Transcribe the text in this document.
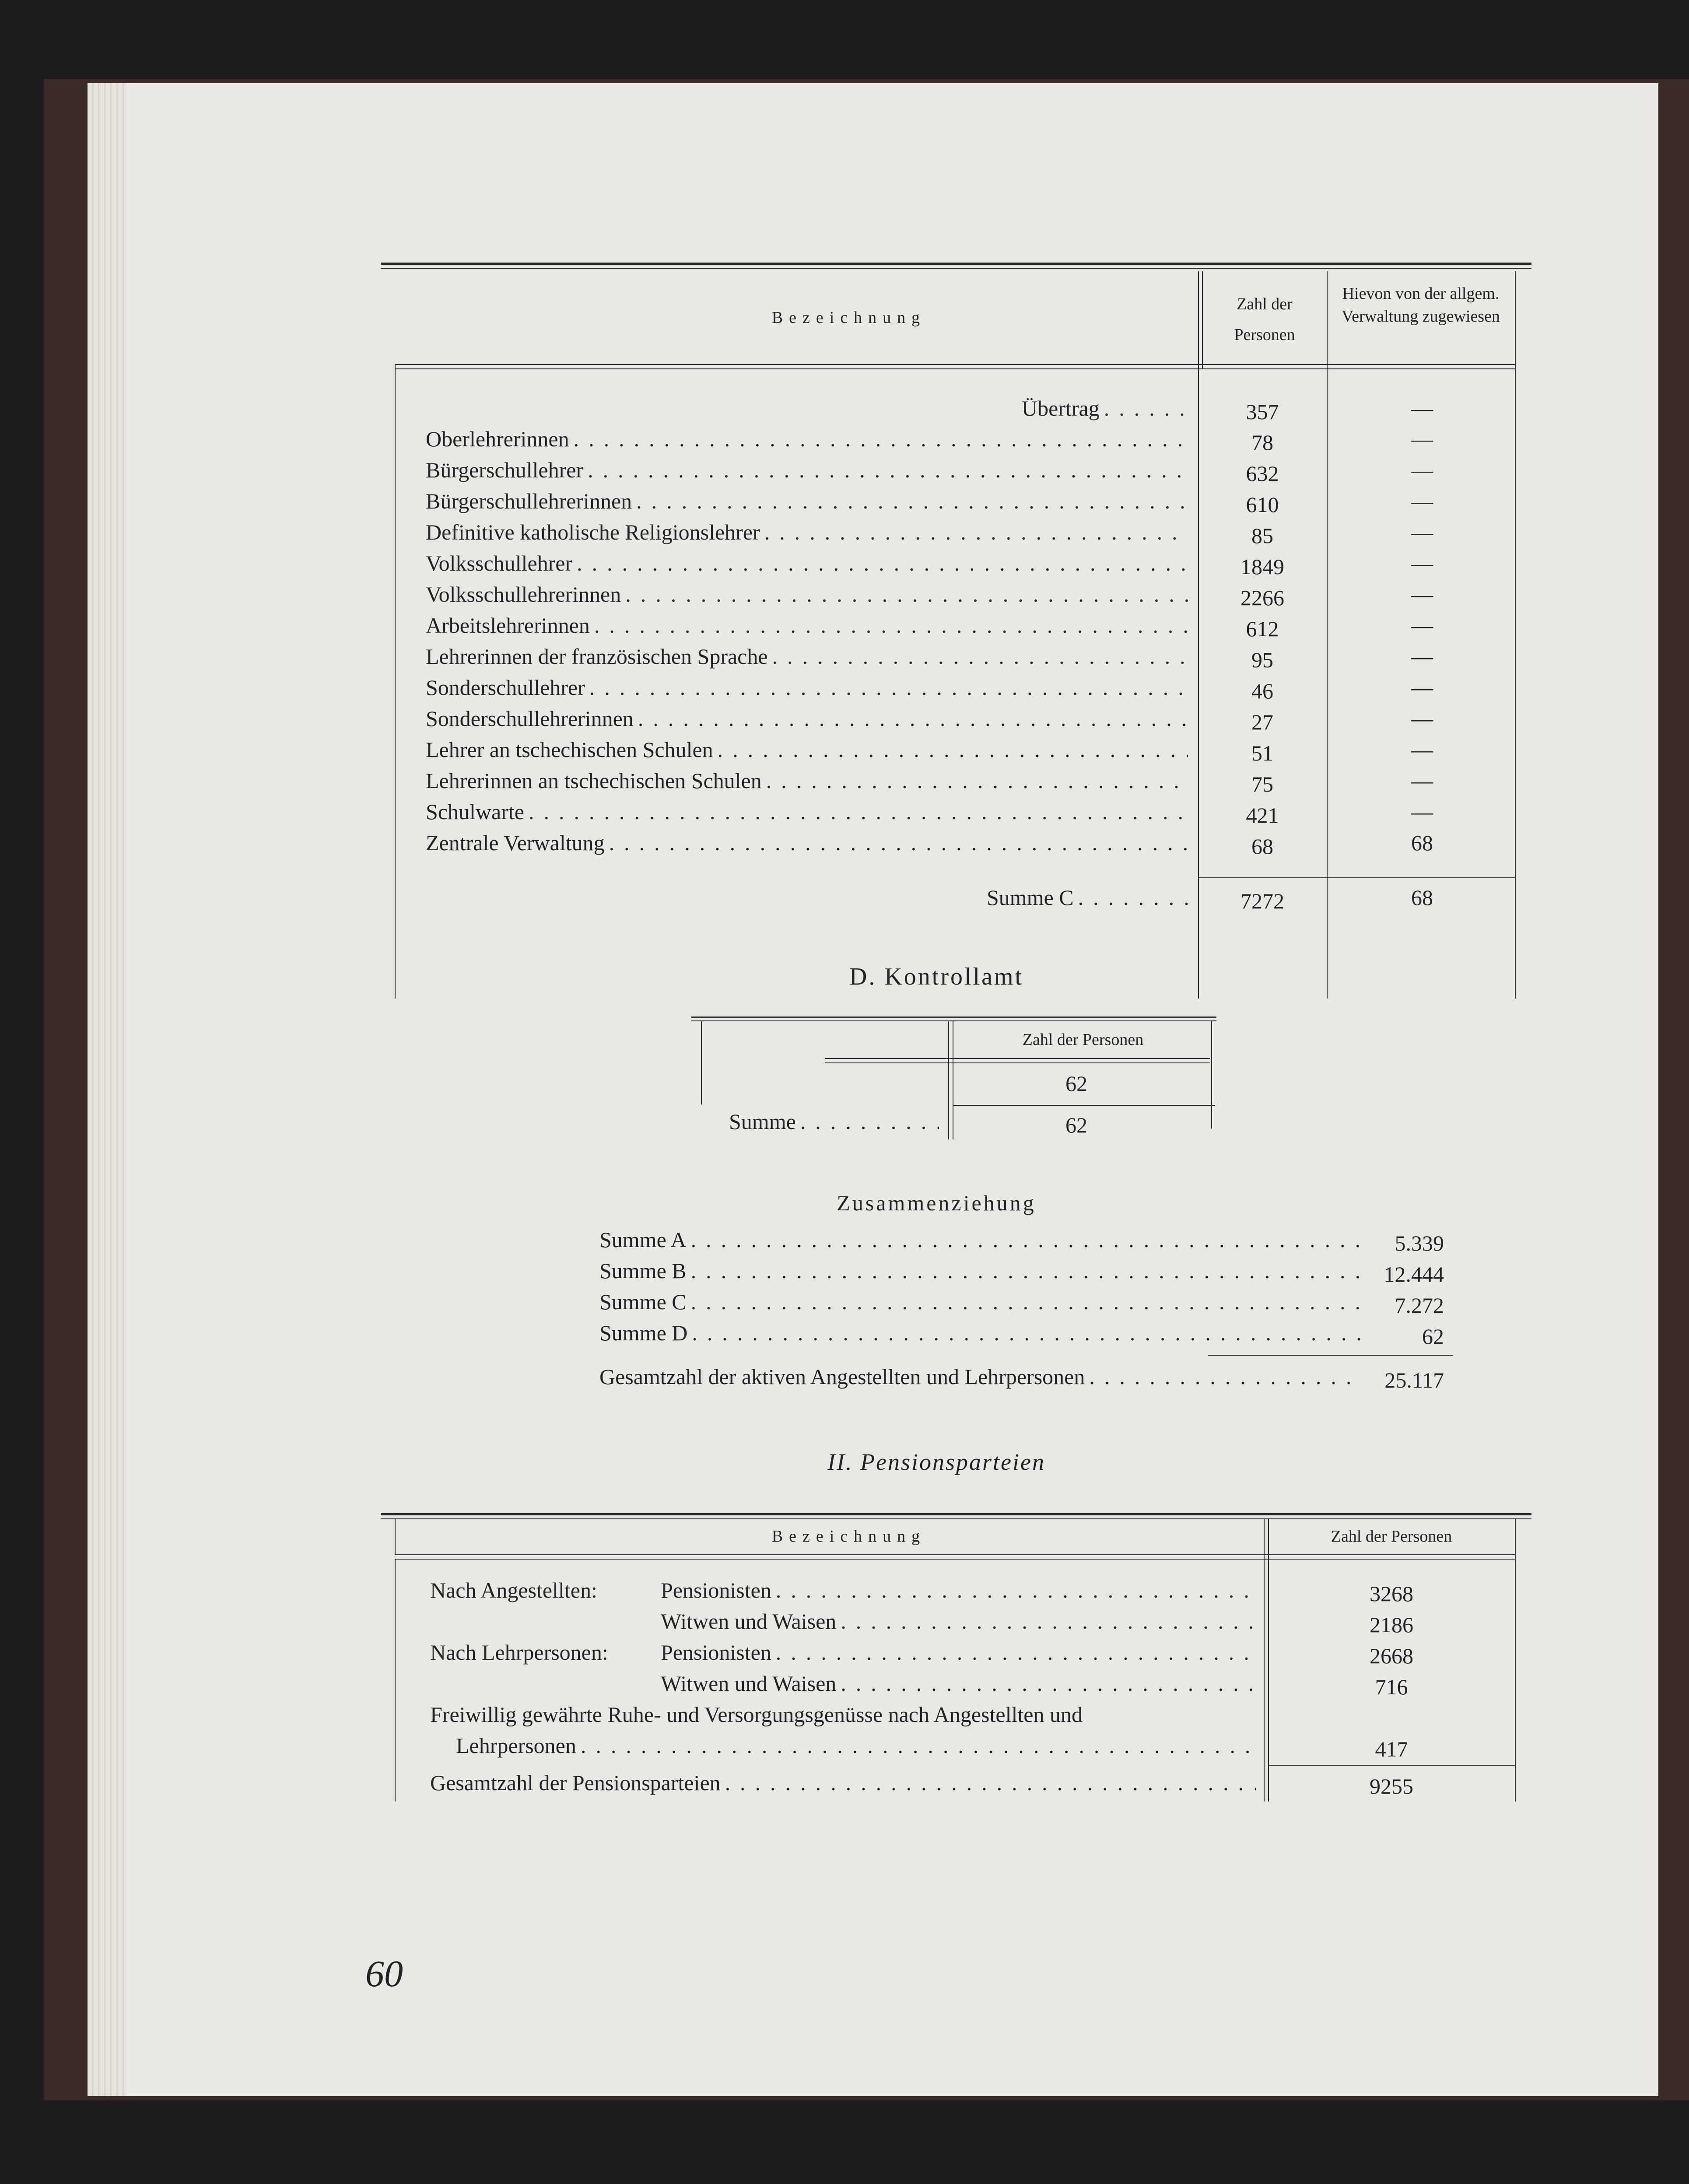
Bezeichnung
Zahl der Personen
Hievon von der allgem. Verwaltung zugewiesen
Übertrag .....	357	—
Oberlehrerinnen .....	78	—
Bürgerschullehrer .....	632	—
Bürgerschullehrerinnen .....	610	—
Definitive katholische Religionslehrer .....	85	—
Volksschullehrer .....	1849	—
Volksschullehrerinnen .....	2266	—
Arbeitslehrerinnen .....	612	—
Lehrerinnen der französischen Sprache .....	95	—
Sonderschullehrer .....	46	—
Sonderschullehrerinnen .....	27	—
Lehrer an tschechischen Schulen .....	51	—
Lehrerinnen an tschechischen Schulen .....	75	—
Schulwarte .....	421	—
Zentrale Verwaltung .....	68	68
Summe C .....	7272	68
D. Kontrollamt
Zahl der Personen
62
Summe .....	62
Zusammenziehung
Summe A .....	5.339
Summe B .....	12.444
Summe C .....	7.272
Summe D .....	62
Gesamtzahl der aktiven Angestellten und Lehrpersonen .....	25.117
II. Pensionsparteien
Bezeichnung	Zahl der Personen
Nach Angestellten:	Pensionisten .....	3268
Witwen und Waisen .....	2186
Nach Lehrpersonen: Pensionisten .....	2668
Witwen und Waisen .....	716
Freiwillig gewährte Ruhe- und Versorgungsgenüsse nach Angestellten und
Lehrpersonen .....	417
Gesamtzahl der Pensionsparteien .....	9255
60
